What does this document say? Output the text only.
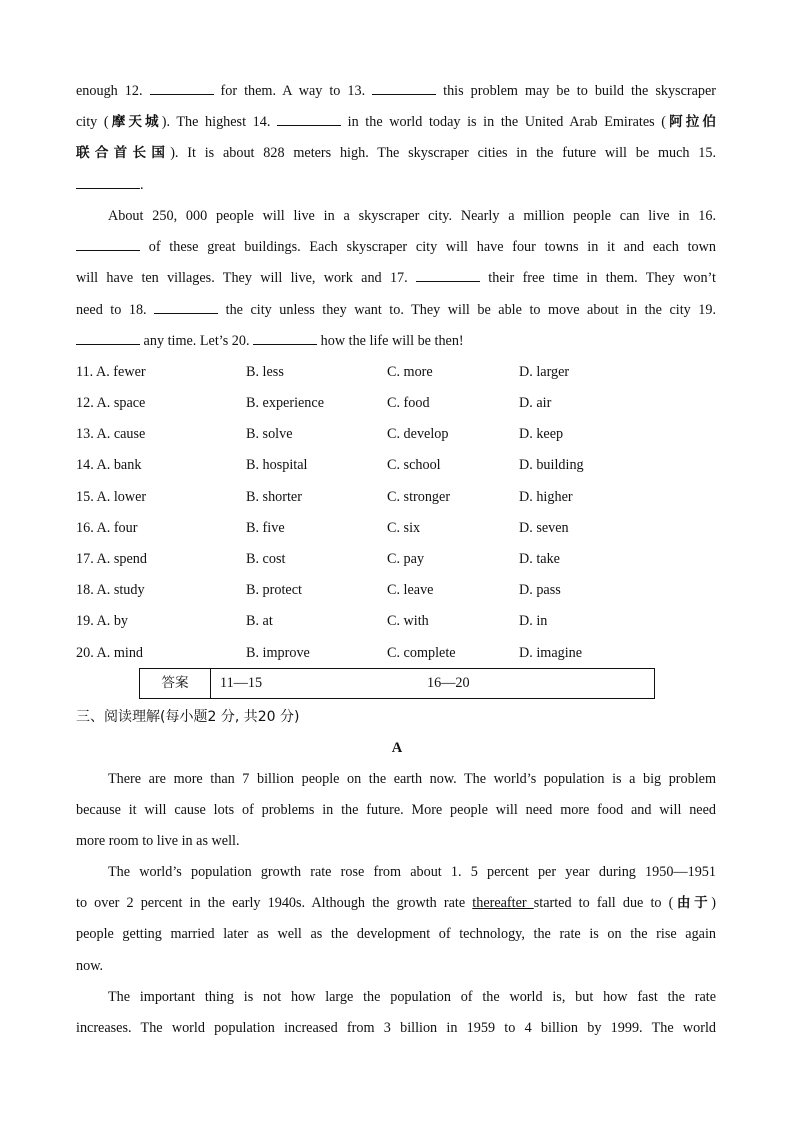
enough 12.	for them. A way to 13.	this problem may be to build the skyscraper
city (摩天城). The highest 14.	in the world today is in the United Arab Emirates (阿拉伯
联合首长国). It is about 828 meters high. The skyscraper cities in the future will be much 15.
.
About 250, 000 people will live in a skyscraper city. Nearly a million people can live in 16.
of these great buildings. Each skyscraper city will have four towns in it and each town
will have ten villages. They will live, work and 17.	their free time in them. They won’t
need to 18.	the city unless they want to. They will be able to move about in the city 19.
any time. Let’s 20.	how the life will be then!
11. A. fewer	B. less	C. more	D. larger
12. A. space	B. experience	C. food	D. air
13. A. cause	B. solve	C. develop	D. keep
14. A. bank	B. hospital	C. school	D. building
15. A. lower	B. shorter	C. stronger	D. higher
16. A. four	B. five	C. six	D. seven
17. A. spend	B. cost	C. pay	D. take
18. A. study	B. protect	C. leave	D. pass
19. A. by	B. at	C. with	D. in
20. A. mind	B. improve	C. complete	D. imagine
答案	11—15	16—20
三、阅读理解(每小题2 分, 共20 分)
A
There are more than 7 billion people on the earth now. The world’s population is a big problem
because it will cause lots of problems in the future. More people will need more food and will need
more room to live in as well.
The world’s population growth rate rose from about 1. 5 percent per year during 1950—1951
to over 2 percent in the early 1940s. Although the growth rate thereafter started to fall due to (由于)
people getting married later as well as the development of technology, the rate is on the rise again
now.
The important thing is not how large the population of the world is, but how fast the rate
increases. The world population increased from 3 billion in 1959 to 4 billion by 1999. The world
